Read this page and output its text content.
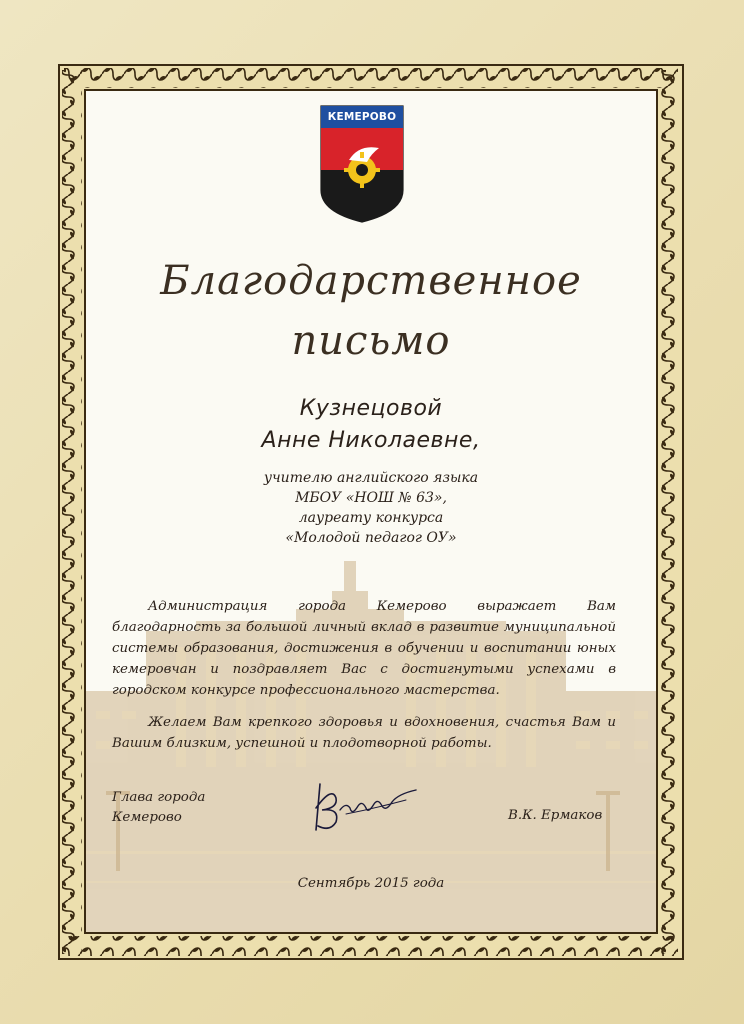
КЕМЕРОВО
Благодарственное
письмо
Кузнецовой
Анне Николаевне,
учителю английского языка
МБОУ «НОШ № 63»,
лауреату конкурса
«Молодой педагог ОУ»

Администрация города Кемерово выражает Вам благодарность за большой личный вклад в развитие муниципальной системы образования, достижения в обучении и воспитании юных кемеровчан и поздравляет Вас с достигнутыми успехами в городском конкурсе профессионального мастерства.

Желаем Вам крепкого здоровья и вдохновения, счастья Вам и Вашим близким, успешной и плодотворной работы.

Глава города
Кемерово	В.К. Ермаков
Сентябрь 2015 года
